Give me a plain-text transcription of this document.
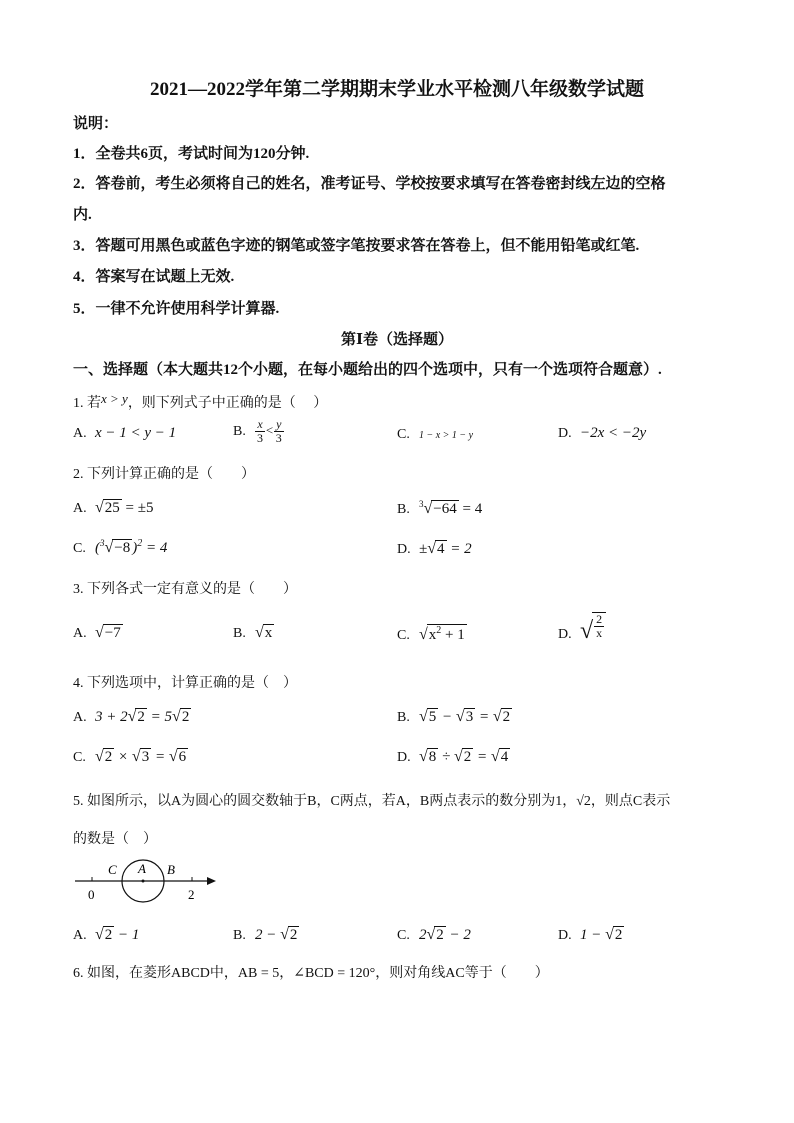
2021—2022学年第二学期期末学业水平检测八年级数学试题
说明：
1．全卷共6页，考试时间为120分钟.
2．答卷前，考生必须将自己的姓名，准考证号、学校按要求填写在答卷密封线左边的空格
内.
3．答题可用黑色或蓝色字迹的钢笔或签字笔按要求答在答卷上，但不能用铅笔或红笔.
4．答案写在试题上无效.
5．一律不允许使用科学计算器.
第Ⅰ卷（选择题）
一、选择题（本大题共12个小题，在每小题给出的四个选项中，只有一个选项符合题意）.
1. 若x > y，则下列式子中正确的是（　 ）
A. x − 1 < y − 1	B. $\frac{x}{3} < \frac{y}{3}$	C. 1 − x > 1 − y	D. −2x < −2y
2. 下列计算正确的是（　　）
A. √25 = ±5	B. $^3$√−64 = 4
C. ($^3$√−8 )$^2$ = 4	D. ±√4 = 2
3. 下列各式一定有意义的是（　　）
A. √−7	B. √x	C. $√x^2 + 1$	D. √ $\frac{2}{x}$
4. 下列选项中，计算正确的是（　）
A. 3 + 2√2 = 5√2	B. √5 − √3 = √2
C. √2 × √3 = √6	D. √8 ÷ √2 = √4
5. 如图所示，以A为圆心的圆交数轴于B，C两点，若A，B两点表示的数分别为1，√2，则点C表示
的数是（　）
C A B
0	2
A. √2 − 1	B. 2 − √2	C. 2√2 − 2	D. 1 − √2
6. 如图，在菱形ABCD中，AB = 5，∠BCD = 120°，则对角线AC等于（　　）
